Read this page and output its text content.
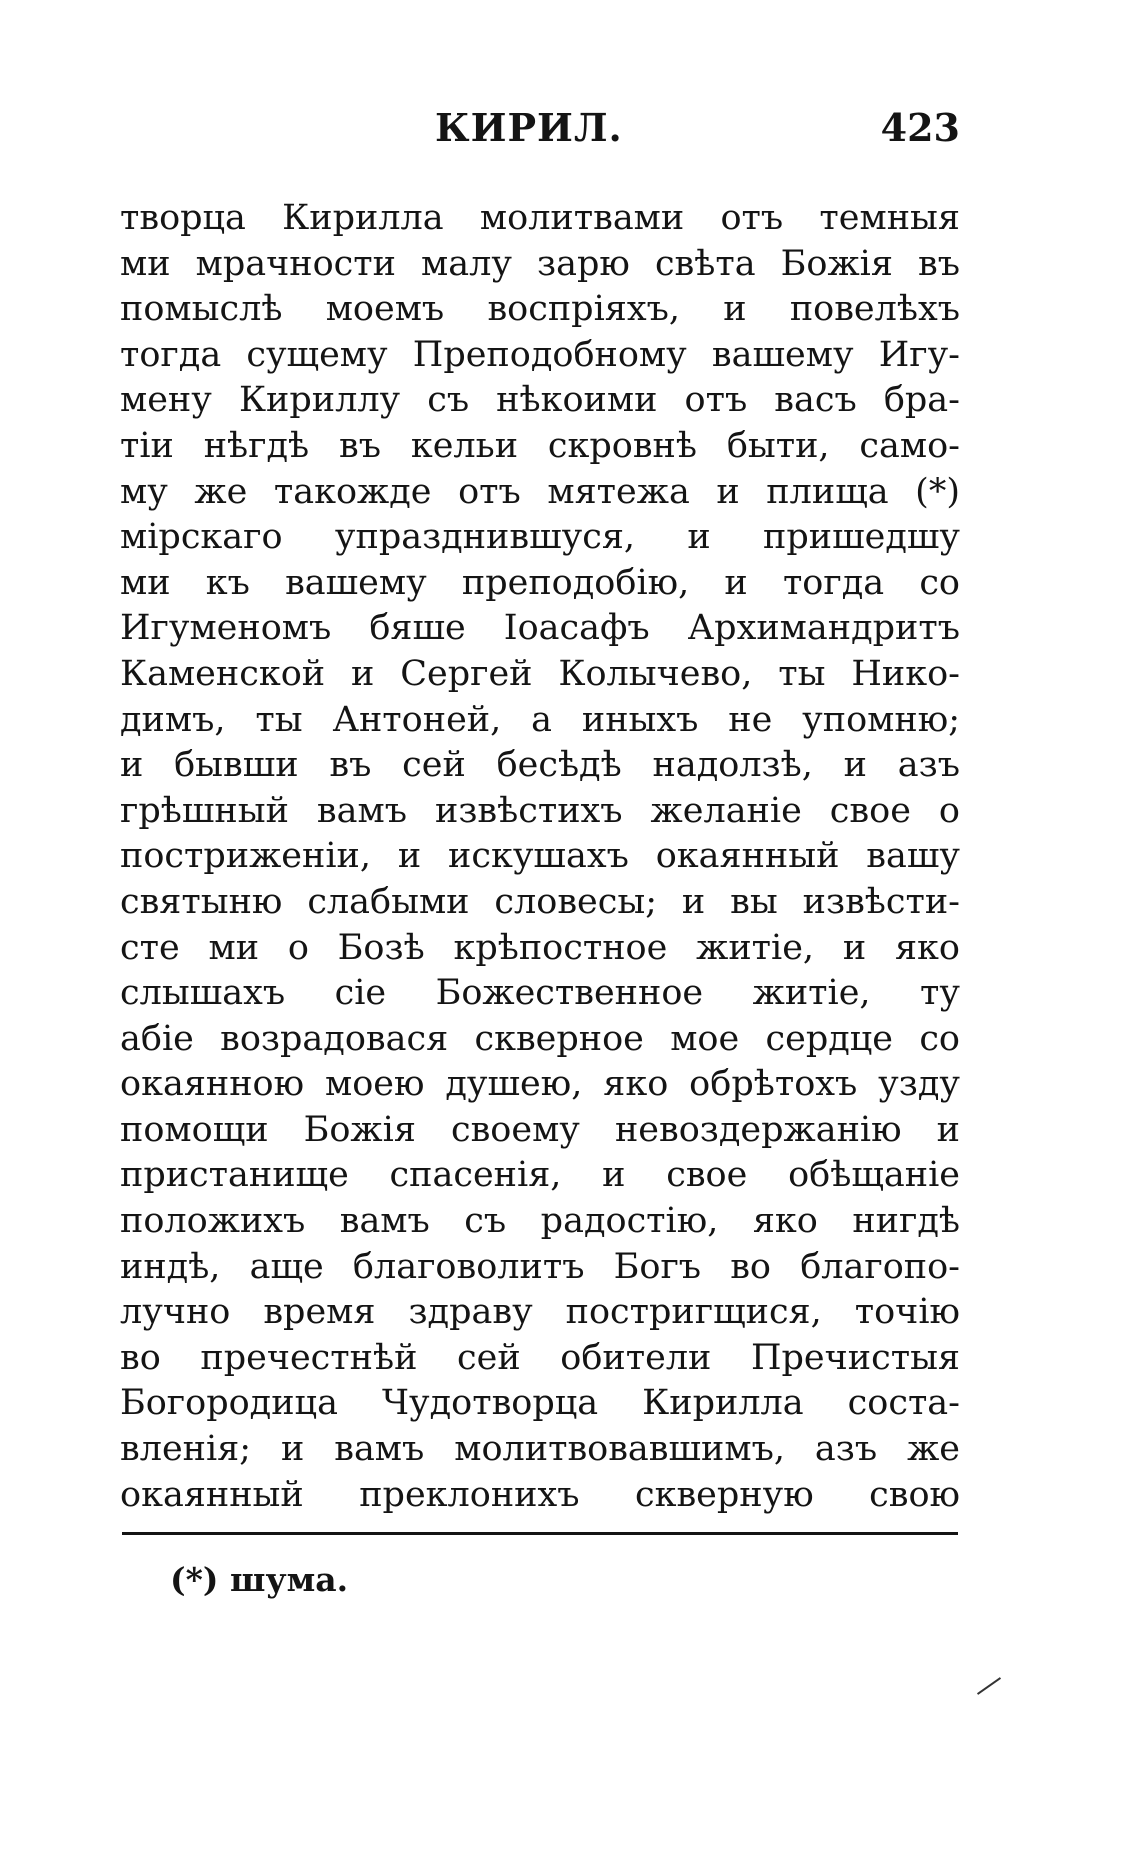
КИРИЛ.	423
творца Кирилла молитвами отъ темныя
ми мрачности малу зарю свѣта Божія въ
помыслѣ моемъ воспріяхъ, и повелѣхъ
тогда сущему Преподобному вашему Игу-
мену Кириллу съ нѣкоими отъ васъ бра-
тіи нѣгдѣ въ кельи скровнѣ быти, само-
му же такожде отъ мятежа и плища (*)
мірскаго упразднившуся, и пришедшу
ми къ вашему преподобію, и тогда со
Игуменомъ бяше Іоасафъ Архимандритъ
Каменской и Сергей Колычево, ты Нико-
димъ, ты Антоней, а иныхъ не упомню;
и бывши въ сей бесѣдѣ надолзѣ, и азъ
грѣшный вамъ извѣстихъ желаніе свое о
постриженіи, и искушахъ окаянный вашу
святыню слабыми словесы; и вы извѣсти-
сте ми о Бозѣ крѣпостное житіе, и яко
слышахъ сіе Божественное житіе, ту
абіе возрадовася скверное мое сердце со
окаянною моею душею, яко обрѣтохъ узду
помощи Божія своему невоздержанію и
пристанище спасенія, и свое обѣщаніе
положихъ вамъ съ радостію, яко нигдѣ
индѣ, аще благоволитъ Богъ во благопо-
лучно время здраву постригщися, точію
во пречестнѣй сей обители Пречистыя
Богородица Чудотворца Кирилла соста-
вленія; и вамъ молитвовавшимъ, азъ же
окаянный преклонихъ скверную свою
(*) шума.
